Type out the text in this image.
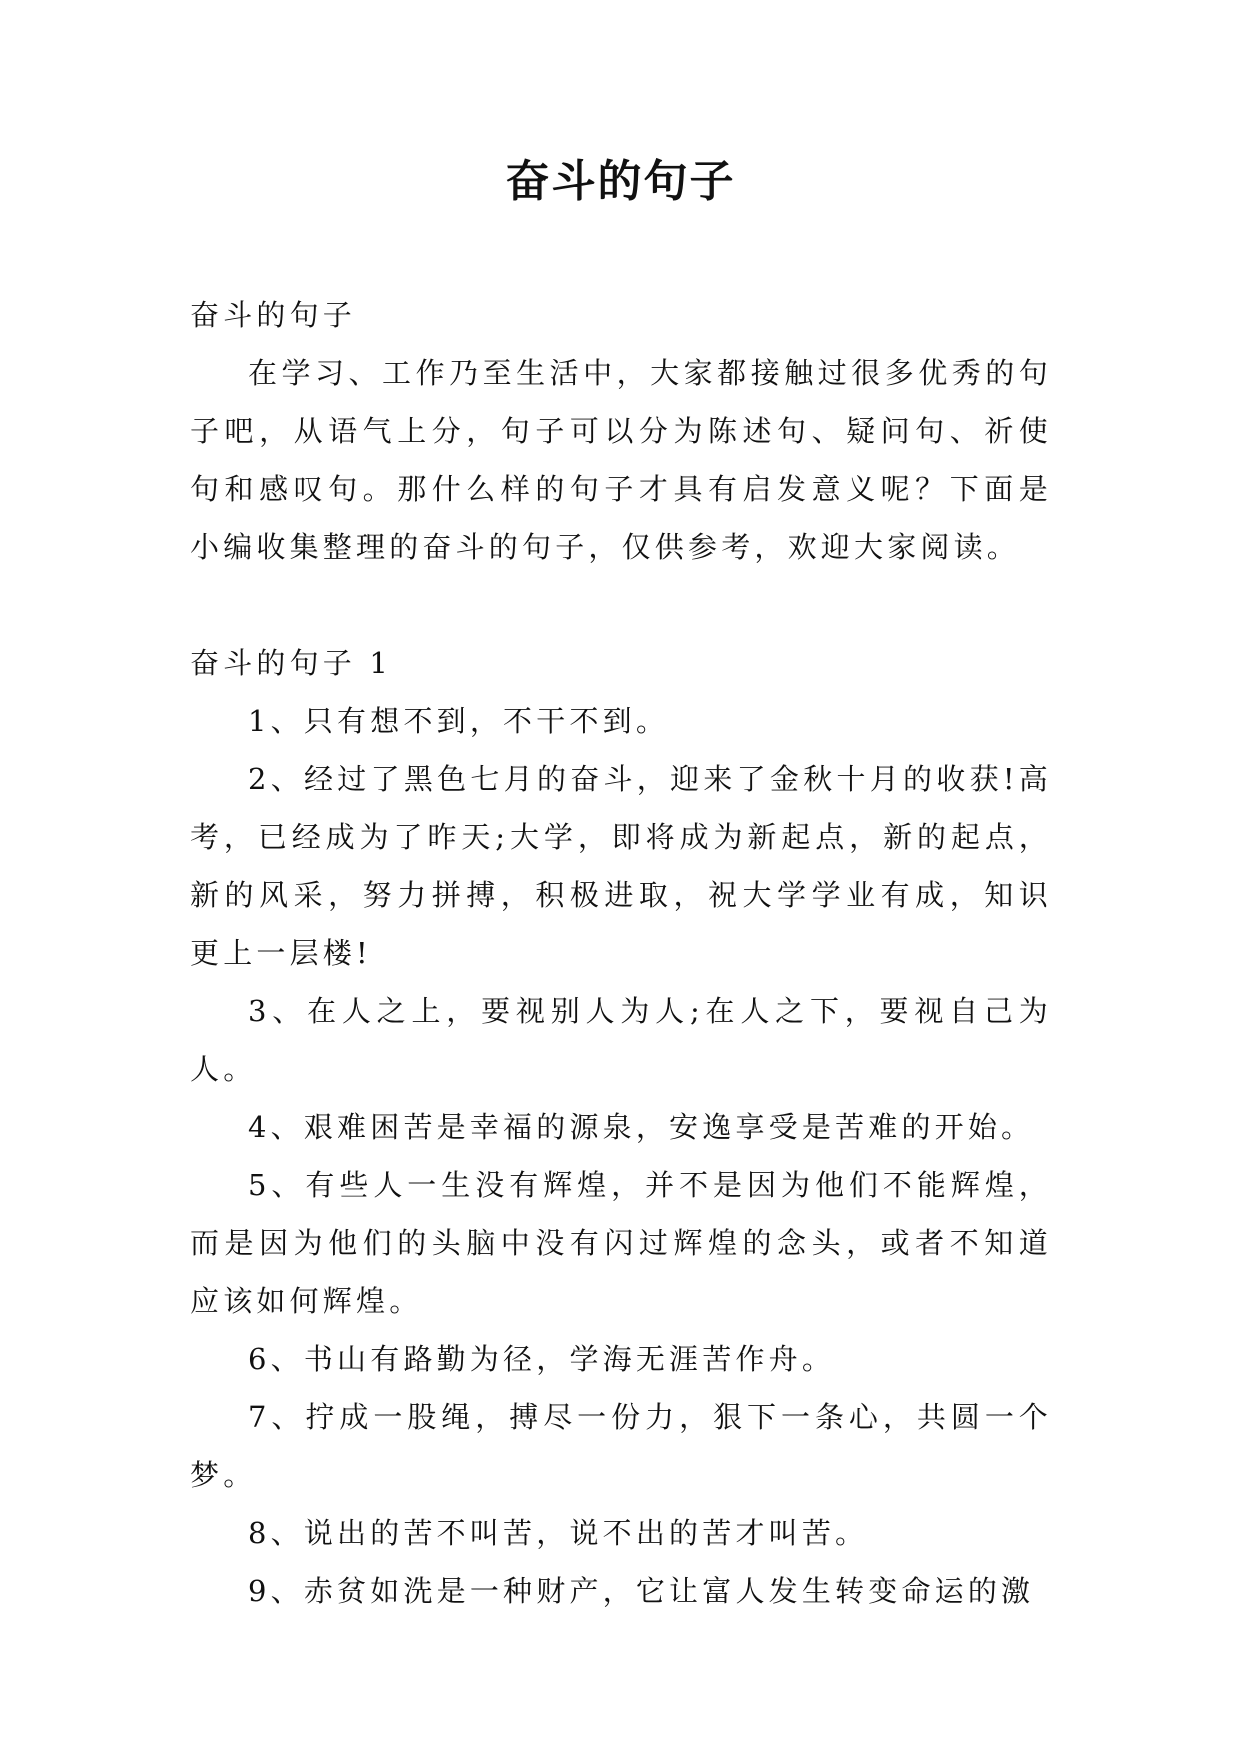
奋斗的句子

奋斗的句子

在学习、工作乃至生活中，大家都接触过很多优秀的句子吧，从语气上分，句子可以分为陈述句、疑问句、祈使句和感叹句。那什么样的句子才具有启发意义呢？下面是小编收集整理的奋斗的句子，仅供参考，欢迎大家阅读。

奋斗的句子 1

1、只有想不到，不干不到。

2、经过了黑色七月的奋斗，迎来了金秋十月的收获!高考，已经成为了昨天;大学，即将成为新起点，新的起点，新的风采，努力拼搏，积极进取，祝大学学业有成，知识更上一层楼!

3、在人之上，要视别人为人;在人之下，要视自己为人。

4、艰难困苦是幸福的源泉，安逸享受是苦难的开始。

5、有些人一生没有辉煌，并不是因为他们不能辉煌，而是因为他们的头脑中没有闪过辉煌的念头，或者不知道应该如何辉煌。

6、书山有路勤为径，学海无涯苦作舟。

7、拧成一股绳，搏尽一份力，狠下一条心，共圆一个梦。

8、说出的苦不叫苦，说不出的苦才叫苦。

9、赤贫如洗是一种财产，它让富人发生转变命运的激
